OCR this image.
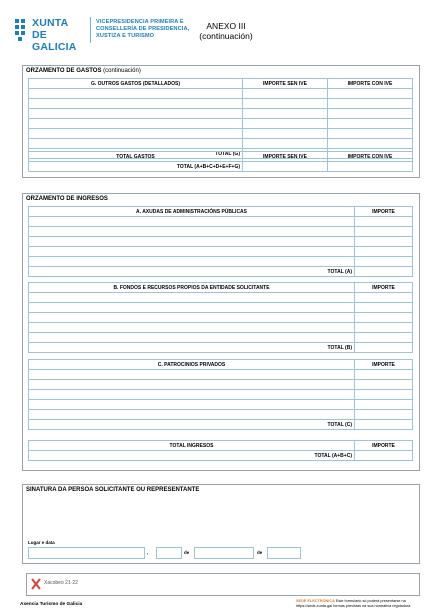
XUNTA
DE GALICIA
VICEPRESIDENCIA PRIMEIRA E
CONSELLERÍA DE PRESIDENCIA,
XUSTIZA E TURISMO
ANEXO III
(continuación)
ORZAMENTO DE GASTOS (continuación)
G. OUTROS GASTOS (DETALLADOS)	IMPORTE SEN IVE	IMPORTE CON IVE

TOTAL (G)		
TOTAL GASTOS	IMPORTE SEN IVE	IMPORTE CON IVE
TOTAL (A+B+C+D+E+F+G)		
ORZAMENTO DE INGRESOS
A. AXUDAS DE ADMINISTRACIÓNS PÚBLICAS	IMPORTE

TOTAL (A)	
B. FONDOS E RECURSOS PROPIOS DA ENTIDADE SOLICITANTE	IMPORTE

TOTAL (B)	
C. PATROCINIOS PRIVADOS	IMPORTE

TOTAL (C)	
TOTAL INGRESOS	IMPORTE
TOTAL (A+B+C)	
SINATURA DA PERSOA SOLICITANTE OU REPRESENTANTE
Lugar e data
,	de	de
Xacobeo 21·22
Axencia Turismo de Galicia
SEDE ELECTRÓNICA Este formulario só poderá presentarse na
https://sede.xunta.gal formas previstas na súa normativa reguladora
